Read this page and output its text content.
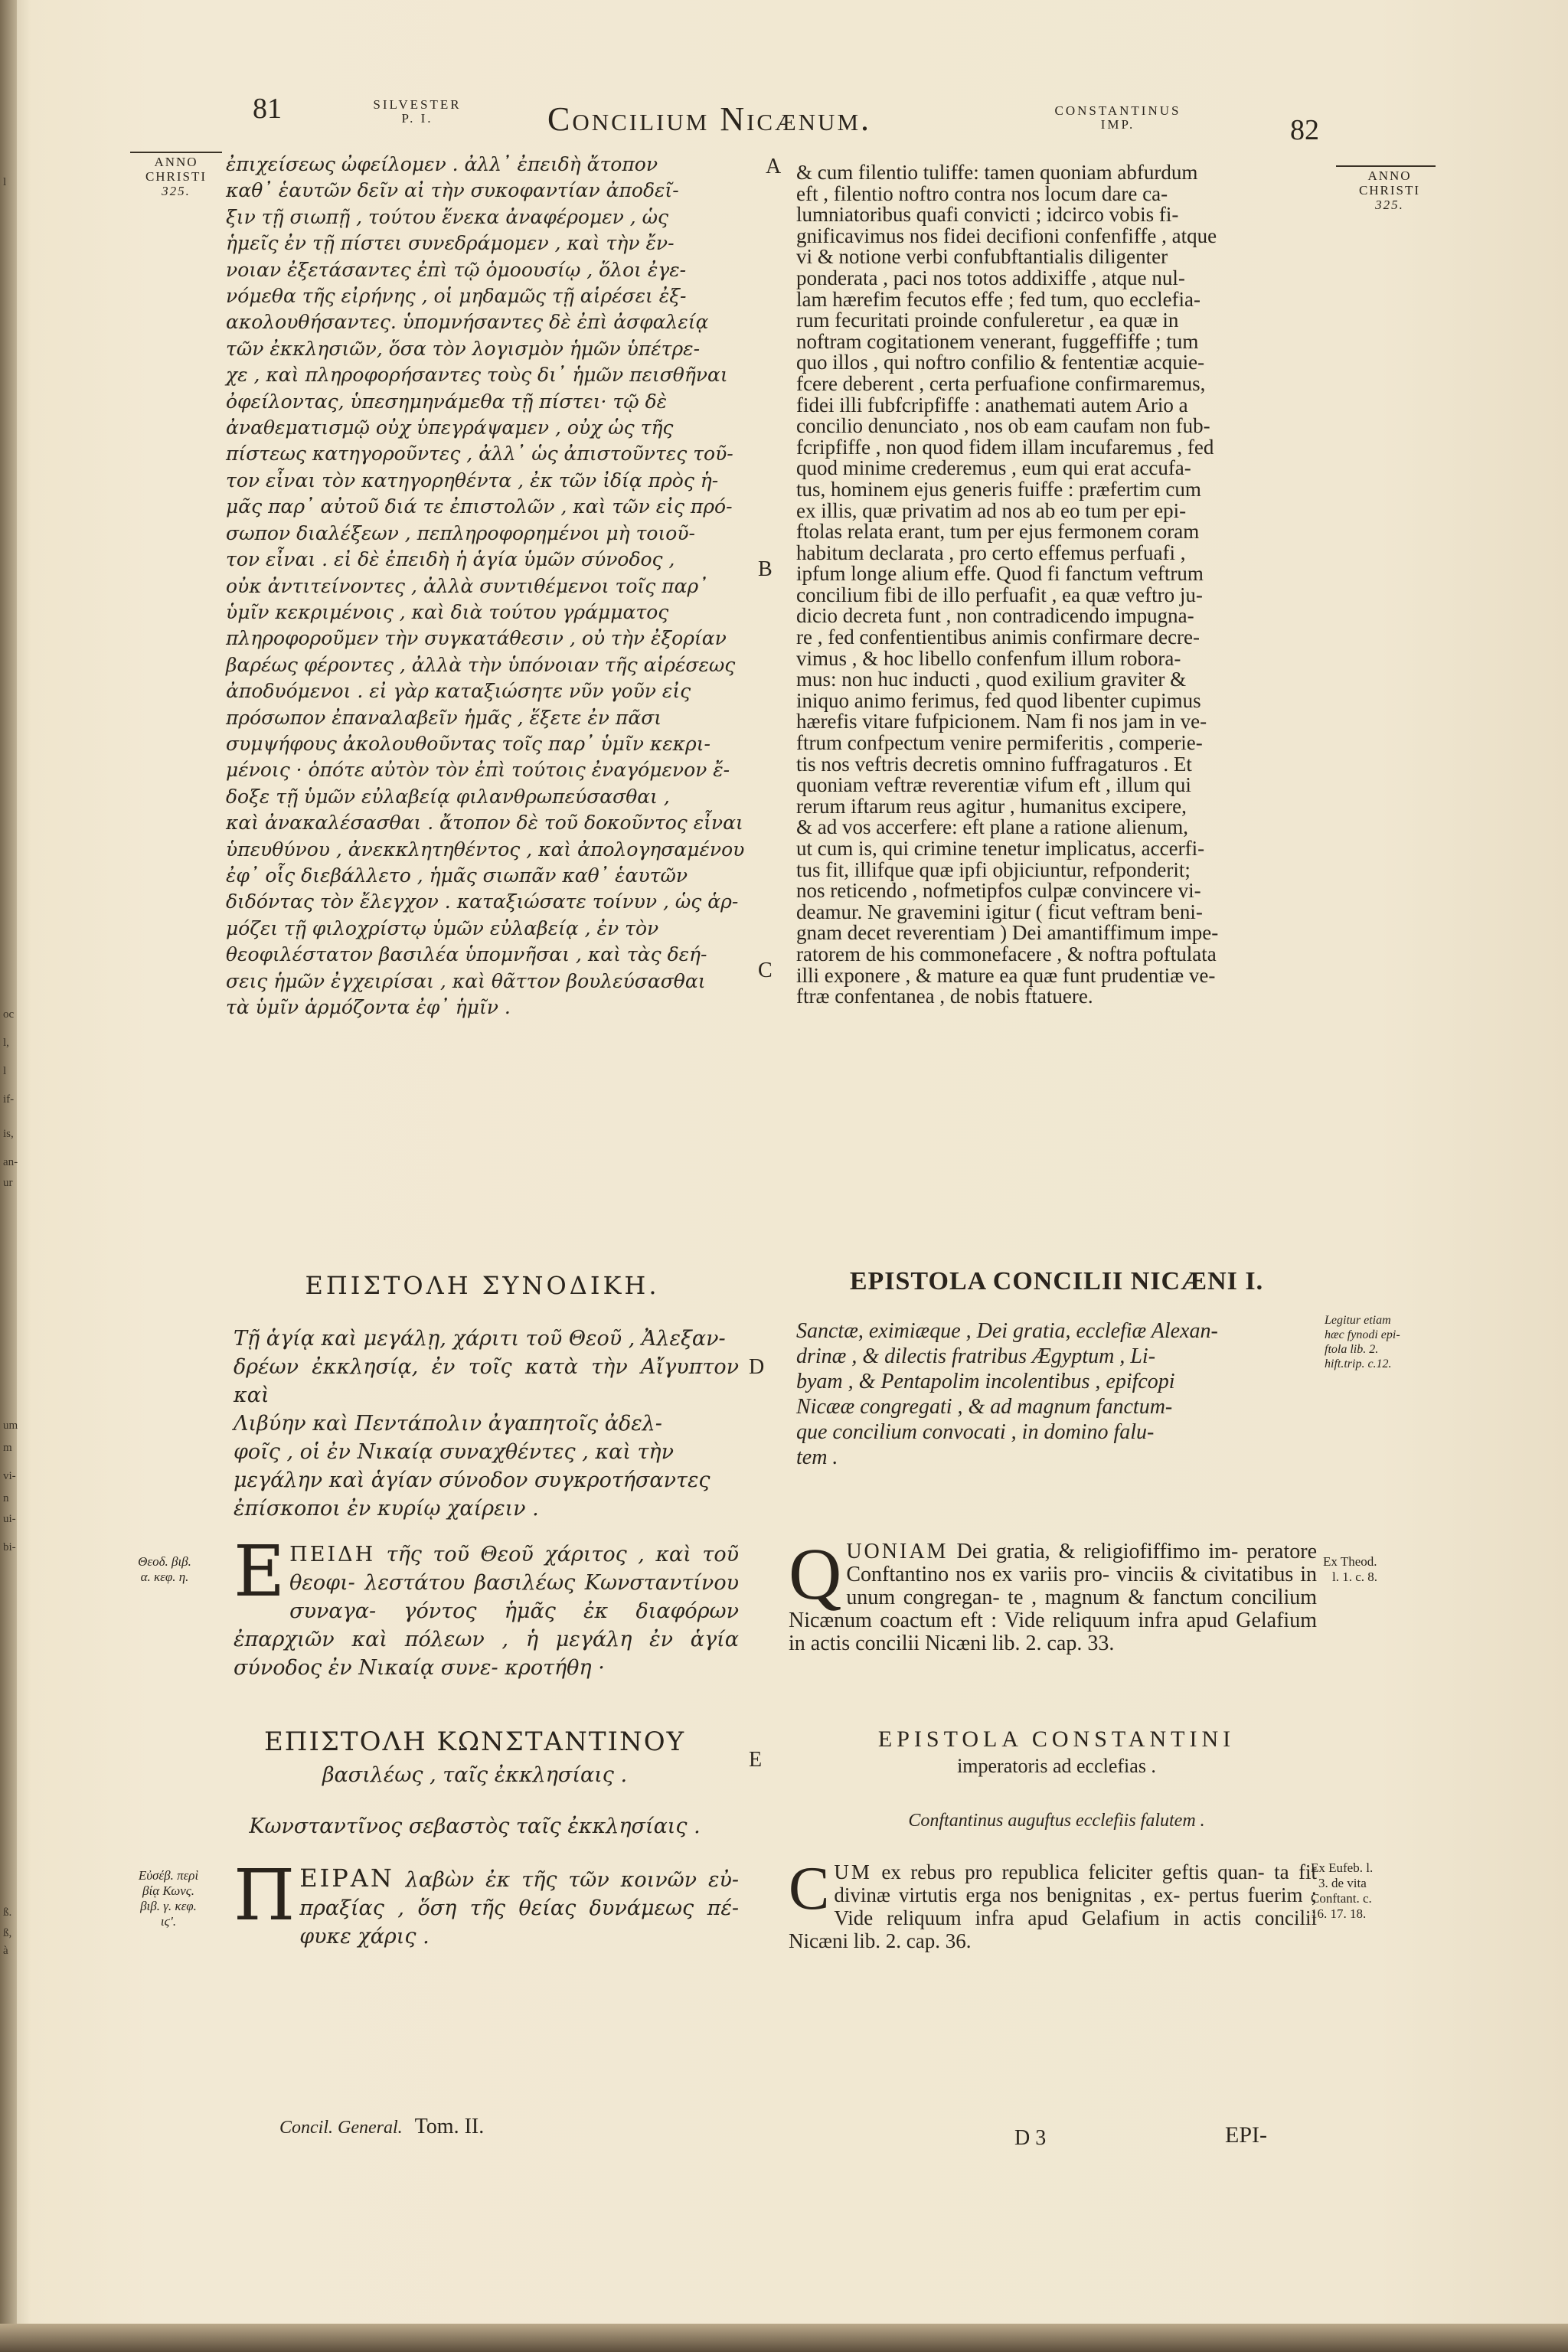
l
oc
l,
l
if-
is,
an-
ur
um
m
vi-
n
ui-
bi-
ß.
ß,
à
81	SILVESTER
P. I.	Concilium Nicænum.	CONSTANTINUS
IMP.	82
ANNO
CHRISTI
325.
ANNO
CHRISTI
325.
A
B
C
D
E
ἐπιχείσεως ὠφείλομεν . ἀλλ᾽ ἐπειδὴ ἄτοπον
καθ᾽ ἑαυτῶν δεῖν αἰ τὴν συκοφαντίαν ἀποδεῖ-
ξιν τῇ σιωπῇ , τούτου ἕνεκα ἀναφέρομεν , ὡς
ἡμεῖς ἐν τῇ πίστει συνεδράμομεν , καὶ τὴν ἔν-
νοιαν ἐξετάσαντες ἐπὶ τῷ ὁμοουσίῳ , ὅλοι ἐγε-
νόμεθα τῆς εἰρήνης , οἱ μηδαμῶς τῇ αἱρέσει ἐξ-
ακολουθήσαντες. ὑπομνήσαντες δὲ ἐπὶ ἀσφαλείᾳ
τῶν ἐκκλησιῶν, ὅσα τὸν λογισμὸν ἡμῶν ὑπέτρε-
χε , καὶ πληροφορήσαντες τοὺς δι᾽ ἡμῶν πεισθῆναι
ὀφείλοντας, ὑπεσημηνάμεθα τῇ πίστει· τῷ δὲ
ἀναθεματισμῷ οὐχ ὑπεγράψαμεν , οὐχ ὡς τῆς
πίστεως κατηγοροῦντες , ἀλλ᾽ ὡς ἀπιστοῦντες τοῦ-
τον εἶναι τὸν κατηγορηθέντα , ἐκ τῶν ἰδίᾳ πρὸς ἡ-
μᾶς παρ᾽ αὐτοῦ διά τε ἐπιστολῶν , καὶ τῶν εἰς πρό-
σωπον διαλέξεων , πεπληροφορημένοι μὴ τοιοῦ-
τον εἶναι . εἰ δὲ ἐπειδὴ ἡ ἁγία ὑμῶν σύνοδος ,
οὐκ ἀντιτείνοντες , ἀλλὰ συντιθέμενοι τοῖς παρ᾽
ὑμῖν κεκριμένοις , καὶ διὰ τούτου γράμματος
πληροφοροῦμεν τὴν συγκατάθεσιν , οὐ τὴν ἐξορίαν
βαρέως φέροντες , ἀλλὰ τὴν ὑπόνοιαν τῆς αἱρέσεως
ἀποδυόμενοι . εἰ γὰρ καταξιώσητε νῦν γοῦν εἰς
πρόσωπον ἐπαναλαβεῖν ἡμᾶς , ἕξετε ἐν πᾶσι
συμψήφους ἀκολουθοῦντας τοῖς παρ᾽ ὑμῖν κεκρι-
μένοις · ὁπότε αὐτὸν τὸν ἐπὶ τούτοις ἐναγόμενον ἔ-
δοξε τῇ ὑμῶν εὐλαβείᾳ φιλανθρωπεύσασθαι ,
καὶ ἀνακαλέσασθαι . ἄτοπον δὲ τοῦ δοκοῦντος εἶναι
ὑπευθύνου , ἀνεκκλητηθέντος , καὶ ἀπολογησαμένου
ἐφ᾽ οἷς διεβάλλετο , ἡμᾶς σιωπᾶν καθ᾽ ἑαυτῶν
διδόντας τὸν ἔλεγχον . καταξιώσατε τοίνυν , ὡς ἁρ-
μόζει τῇ φιλοχρίστῳ ὑμῶν εὐλαβείᾳ , ἐν τὸν
θεοφιλέστατον βασιλέα ὑπομνῆσαι , καὶ τὰς δεή-
σεις ἡμῶν ἐγχειρίσαι , καὶ θᾶττον βουλεύσασθαι
τὰ ὑμῖν ἁρμόζοντα ἐφ᾽ ἡμῖν .
& cum filentio tuliffe: tamen quoniam abfurdum
eft , filentio noftro contra nos locum dare ca-
lumniatoribus quafi convicti ; idcirco vobis fi-
gnificavimus nos fidei decifioni confenfiffe , atque
vi & notione verbi confubftantialis diligenter
ponderata , paci nos totos addixiffe , atque nul-
lam hærefim fecutos effe ; fed tum, quo ecclefia-
rum fecuritati proinde confuleretur , ea quæ in
noftram cogitationem venerant, fuggeffiffe ; tum
quo illos , qui noftro confilio & fententiæ acquie-
fcere deberent , certa perfuafione confirmaremus,
fidei illi fubfcripfiffe : anathemati autem Ario a
concilio denunciato , nos ob eam caufam non fub-
fcripfiffe , non quod fidem illam incufaremus , fed
quod minime crederemus , eum qui erat accufa-
tus, hominem ejus generis fuiffe : præfertim cum
ex illis, quæ privatim ad nos ab eo tum per epi-
ftolas relata erant, tum per ejus fermonem coram
habitum declarata , pro certo effemus perfuafi ,
ipfum longe alium effe. Quod fi fanctum veftrum
concilium fibi de illo perfuafit , ea quæ veftro ju-
dicio decreta funt , non contradicendo impugna-
re , fed confentientibus animis confirmare decre-
vimus , & hoc libello confenfum illum robora-
mus: non huc inducti , quod exilium graviter &
iniquo animo ferimus, fed quod libenter cupimus
hærefis vitare fufpicionem. Nam fi nos jam in ve-
ftrum confpectum venire permiferitis , comperie-
tis nos veftris decretis omnino fuffragaturos . Et
quoniam veftræ reverentiæ vifum eft , illum qui
rerum iftarum reus agitur , humanitus excipere,
& ad vos accerfere: eft plane a ratione alienum,
ut cum is, qui crimine tenetur implicatus, accerfi-
tus fit, illifque quæ ipfi objiciuntur, refponderit;
nos reticendo , nofmetipfos culpæ convincere vi-
deamur. Ne gravemini igitur ( ficut veftram beni-
gnam decet reverentiam ) Dei amantiffimum impe-
ratorem de his commonefacere , & noftra poftulata
illi exponere , & mature ea quæ funt prudentiæ ve-
ftræ confentanea , de nobis ftatuere.
ΕΠΙΣΤΟΛΗ ΣΥΝΟΔΙΚΗ.	EPISTOLA CONCILII NICÆNI I.
Τῇ ἁγίᾳ καὶ μεγάλῃ, χάριτι τοῦ Θεοῦ , Ἀλεξαν-
δρέων ἐκκλησίᾳ, ἐν τοῖς κατὰ τὴν Αἴγυπτον καὶ
Λιβύην καὶ Πεντάπολιν ἀγαπητοῖς ἀδελ-
φοῖς , οἱ ἐν Νικαίᾳ συναχθέντες , καὶ τὴν
μεγάλην καὶ ἁγίαν σύνοδον συγκροτήσαντες
ἐπίσκοποι ἐν κυρίῳ χαίρειν .
Sanctæ, eximiæque , Dei gratia, ecclefiæ Alexan-
drinæ , & dilectis fratribus Ægyptum , Li-
byam , & Pentapolim incolentibus , epifcopi
Nicææ congregati , & ad magnum fanctum-
que concilium convocati , in domino falu-
tem .
Legitur etiam
hæc fynodi epi-
ftola lib. 2.
hift.trip. c.12.
Θεοδ. βιβ.
α. κεφ. η. Ε ΠΕΙΔΗ τῆς τοῦ Θεοῦ χάριτος , καὶ τοῦ θεοφι- λεστάτου βασιλέως Κωνσταντίνου συναγα- γόντος ἡμᾶς ἐκ διαφόρων ἐπαρχιῶν καὶ πόλεων , ἡ μεγάλη ἐν ἁγία σύνοδος ἐν Νικαίᾳ συνε- κροτήθη ·
Q UONIAM Dei gratia, & religiofiffimo im- peratore Conftantino nos ex variis pro- vinciis & civitatibus in unum congregan- te , magnum & fanctum concilium Nicænum coactum eft : Vide reliquum infra apud Gelafium in actis concilii Nicæni lib. 2. cap. 33.
Ex Theod.
l. 1. c. 8.
ΕΠΙΣΤΟΛΗ ΚΩΝΣΤΑΝΤΙΝΟΥ
βασιλέως , ταῖς ἐκκλησίαις .
Κωνσταντῖνος σεβαστὸς ταῖς ἐκκλησίαις .
EPISTOLA CONSTANTINI
imperatoris ad ecclefias .
Conftantinus auguftus ecclefiis falutem .
Εὐσέβ. περὶ
βίᾳ Κωνς.
βιβ. γ. κεφ.
ιϛ'. Π ΕΙΡΑΝ λαβὼν ἐκ τῆς τῶν κοινῶν εὐ- πραξίας , ὅση τῆς θείας δυνάμεως πέ- φυκε χάρις .
C UM ex rebus pro republica feliciter geftis quan- ta fit divinæ virtutis erga nos benignitas , ex- pertus fuerim ; Vide reliquum infra apud Gelafium in actis concilii Nicæni lib. 2. cap. 36.
Ex Eufeb. l.
3. de vita
Conftant. c.
16. 17. 18.
Concil. General. Tom. II.	D 3	EPI-
